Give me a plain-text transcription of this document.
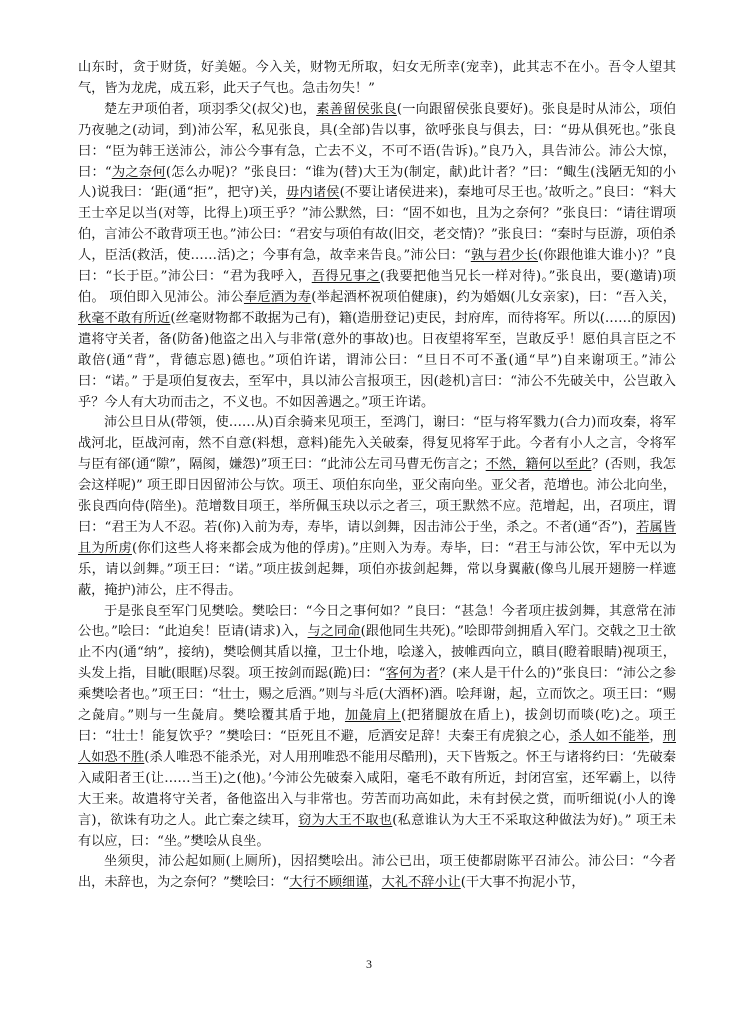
山东时，贪于财货，好美姬。今入关，财物无所取，妇女无所幸(宠幸)，此其志不在小。吾令人望其气，皆为龙虎，成五彩，此天子气也。急击勿失！”

楚左尹项伯者，项羽季父(叔父)也，素善留侯张良(一向跟留侯张良要好)。张良是时从沛公，项伯乃夜驰之(动词，到)沛公军，私见张良，具(全部)告以事，欲呼张良与俱去，曰：“毋从俱死也。”张良曰：“臣为韩王送沛公，沛公今事有急，亡去不义，不可不语(告诉)。”良乃入，具告沛公。沛公大惊，曰：“为之奈何(怎么办呢)？”张良曰：“谁为(替)大王为(制定，献)此计者？”曰：“鲰生(浅陋无知的小人)说我曰：‘距(通“拒”，把守)关，毋内诸侯(不要让诸侯进来)，秦地可尽王也。’故听之。”良曰：“料大王士卒足以当(对等，比得上)项王乎？”沛公默然，曰：“固不如也，且为之奈何？”张良曰：“请往谓项伯，言沛公不敢背项王也。”沛公曰：“君安与项伯有故(旧交，老交情)？”张良曰：“秦时与臣游，项伯杀人，臣活(救活，使……活)之；今事有急，故幸来告良。”沛公曰：“孰与君少长(你跟他谁大谁小)？”良曰：“长于臣。”沛公曰：“君为我呼入，吾得兄事之(我要把他当兄长一样对待)。”张良出，要(邀请)项伯。 项伯即入见沛公。沛公奉卮酒为寿(举起酒杯祝项伯健康)，约为婚姻(儿女亲家)，曰：“吾入关，秋毫不敢有所近(丝毫财物都不敢据为己有)，籍(造册登记)吏民，封府库，而待将军。所以(……的原因)遣将守关者，备(防备)他盗之出入与非常(意外的事故)也。日夜望将军至，岂敢反乎！愿伯具言臣之不敢倍(通“背”，背德忘恩)德也。”项伯许诺，谓沛公曰：“旦日不可不蚤(通“早”)自来谢项王。”沛公曰：“诺。” 于是项伯复夜去，至军中，具以沛公言报项王，因(趁机)言曰：“沛公不先破关中，公岂敢入乎？今人有大功而击之，不义也。不如因善遇之。”项王许诺。

沛公旦日从(带领，使……从)百余骑来见项王，至鸿门，谢曰：“臣与将军戮力(合力)而攻秦，将军战河北，臣战河南，然不自意(料想，意料)能先入关破秦，得复见将军于此。今者有小人之言，令将军与臣有郤(通“隙”，隔阂，嫌怨)”项王曰：“此沛公左司马曹无伤言之；不然，籍何以至此？(否则，我怎会这样呢)” 项王即日因留沛公与饮。项王、项伯东向坐，亚父南向坐。亚父者，范增也。沛公北向坐，张良西向侍(陪坐)。范增数目项王，举所佩玉玦以示之者三，项王默然不应。范增起，出，召项庄，谓曰：“君王为人不忍。若(你)入前为寿，寿毕，请以剑舞，因击沛公于坐，杀之。不者(通“否”)，若属皆且为所虏(你们这些人将来都会成为他的俘虏)。”庄则入为寿。寿毕，曰：“君王与沛公饮，军中无以为乐，请以剑舞。”项王曰：“诺。”项庄拔剑起舞，项伯亦拔剑起舞，常以身翼蔽(像鸟儿展开翅膀一样遮蔽，掩护)沛公，庄不得击。

于是张良至军门见樊哙。樊哙曰：“今日之事何如？”良曰：“甚急！今者项庄拔剑舞，其意常在沛公也。”哙曰：“此迫矣！臣请(请求)入，与之同命(跟他同生共死)。”哙即带剑拥盾入军门。交戟之卫士欲止不内(通“纳”，接纳)，樊哙侧其盾以撞，卫士仆地，哙遂入，披帷西向立，瞋目(瞪着眼睛)视项王，头发上指，目眦(眼眶)尽裂。项王按剑而跽(跪)曰：“客何为者？(来人是干什么的)”张良曰：“沛公之参乘樊哙者也。”项王曰：“壮士，赐之卮酒。”则与斗卮(大酒杯)酒。哙拜谢，起，立而饮之。项王曰：“赐之彘肩。”则与一生彘肩。樊哙覆其盾于地，加彘肩上(把猪腿放在盾上)，拔剑切而啖(吃)之。项王曰：“壮士！能复饮乎？”樊哙曰：“臣死且不避，卮酒安足辞！夫秦王有虎狼之心，杀人如不能举，刑人如恐不胜(杀人唯恐不能杀光，对人用刑唯恐不能用尽酷刑)，天下皆叛之。怀王与诸将约曰：‘先破秦入咸阳者王(让……当王)之(他)。’今沛公先破秦入咸阳，毫毛不敢有所近，封闭宫室，还军霸上，以待大王来。故遣将守关者，备他盗出入与非常也。劳苦而功高如此，未有封侯之赏，而听细说(小人的谗言)，欲诛有功之人。此亡秦之续耳，窃为大王不取也(私意谁认为大王不采取这种做法为好)。” 项王未有以应，曰：“坐。”樊哙从良坐。

坐须臾，沛公起如厕(上厕所)，因招樊哙出。沛公已出，项王使都尉陈平召沛公。沛公曰：“今者出，未辞也，为之奈何？”樊哙曰：“大行不顾细谨，大礼不辞小让(干大事不拘泥小节，

3
